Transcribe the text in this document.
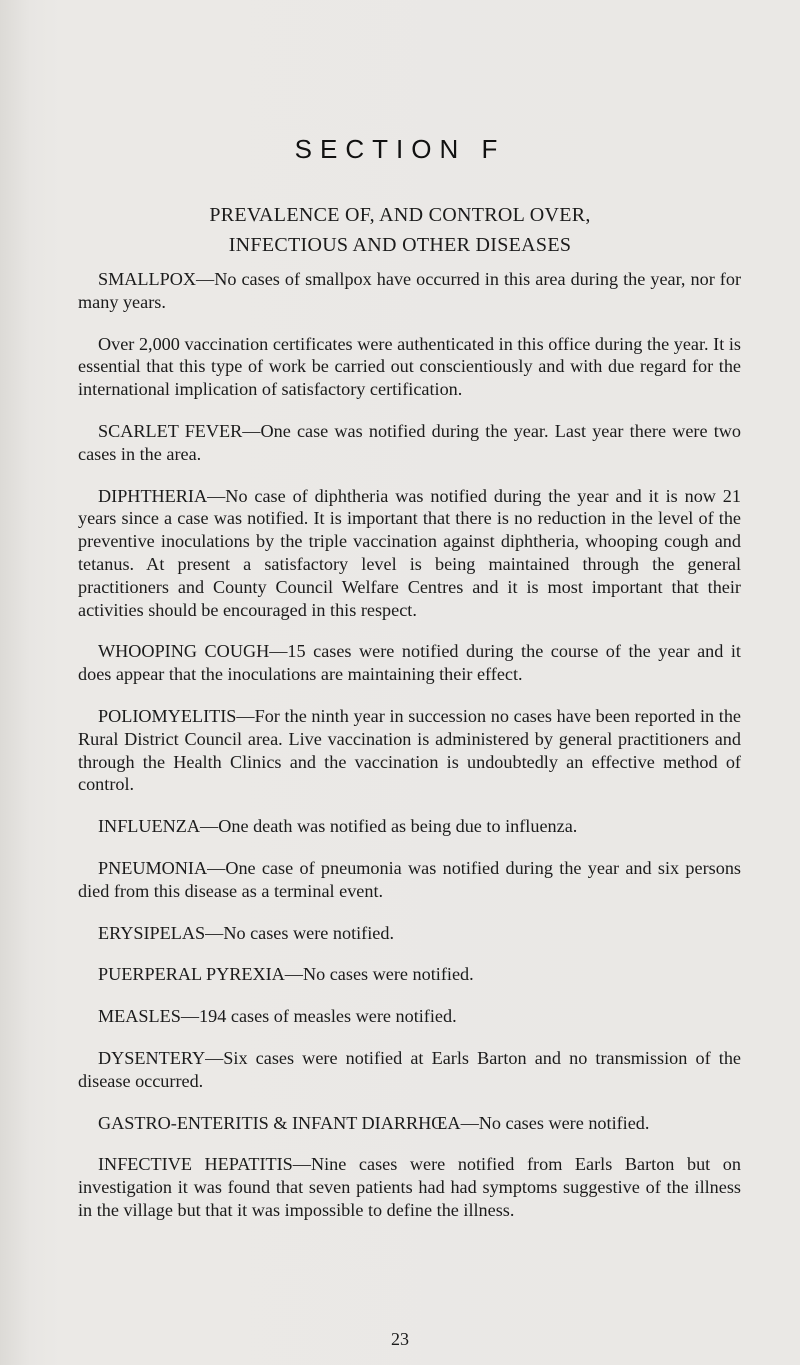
SECTION F
PREVALENCE OF, AND CONTROL OVER,
INFECTIOUS AND OTHER DISEASES

SMALLPOX—No cases of smallpox have occurred in this area during the year, nor for many years.

Over 2,000 vaccination certificates were authenticated in this office during the year. It is essential that this type of work be carried out conscientiously and with due regard for the international implication of satisfactory certification.

SCARLET FEVER—One case was notified during the year. Last year there were two cases in the area.

DIPHTHERIA—No case of diphtheria was notified during the year and it is now 21 years since a case was notified. It is important that there is no reduction in the level of the preventive inoculations by the triple vaccination against diphtheria, whooping cough and tetanus. At present a satisfactory level is being maintained through the general practitioners and County Council Welfare Centres and it is most important that their activities should be encouraged in this respect.

WHOOPING COUGH—15 cases were notified during the course of the year and it does appear that the inoculations are maintaining their effect.

POLIOMYELITIS—For the ninth year in succession no cases have been reported in the Rural District Council area. Live vaccination is administered by general practitioners and through the Health Clinics and the vaccination is undoubtedly an effective method of control.

INFLUENZA—One death was notified as being due to influenza.

PNEUMONIA—One case of pneumonia was notified during the year and six persons died from this disease as a terminal event.

ERYSIPELAS—No cases were notified.

PUERPERAL PYREXIA—No cases were notified.

MEASLES—194 cases of measles were notified.

DYSENTERY—Six cases were notified at Earls Barton and no transmission of the disease occurred.

GASTRO-ENTERITIS & INFANT DIARRHŒA—No cases were notified.

INFECTIVE HEPATITIS—Nine cases were notified from Earls Barton but on investigation it was found that seven patients had had symptoms suggestive of the illness in the village but that it was impossible to define the illness.

23
